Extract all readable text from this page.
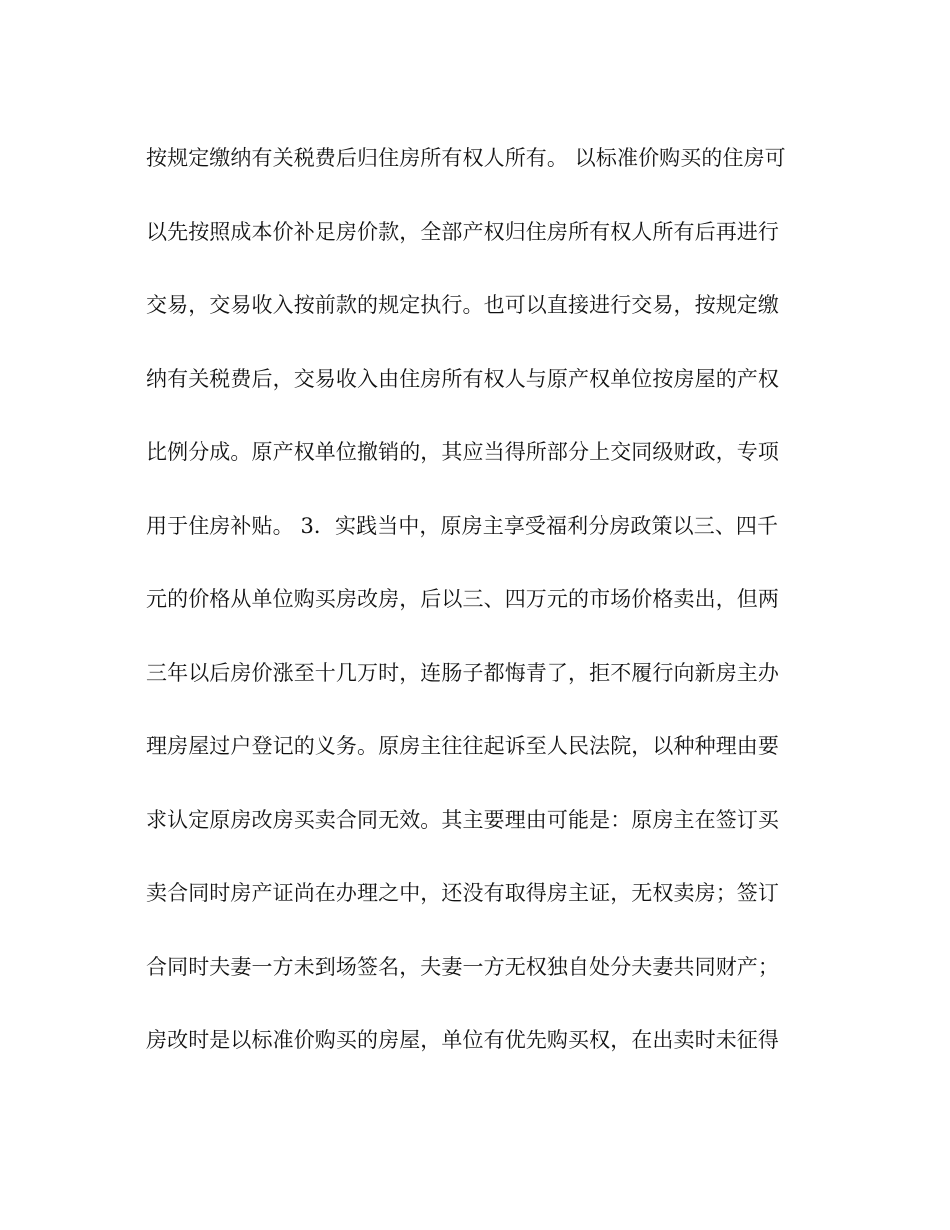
按规定缴纳有关税费后归住房所有权人所有。 以标准价购买的住房可
以先按照成本价补足房价款，全部产权归住房所有权人所有后再进行
交易，交易收入按前款的规定执行。也可以直接进行交易，按规定缴
纳有关税费后，交易收入由住房所有权人与原产权单位按房屋的产权
比例分成。原产权单位撤销的，其应当得所部分上交同级财政，专项
用于住房补贴。 3．实践当中，原房主享受福利分房政策以三、四千
元的价格从单位购买房改房，后以三、四万元的市场价格卖出，但两
三年以后房价涨至十几万时，连肠子都悔青了，拒不履行向新房主办
理房屋过户登记的义务。原房主往往起诉至人民法院，以种种理由要
求认定原房改房买卖合同无效。其主要理由可能是：原房主在签订买
卖合同时房产证尚在办理之中，还没有取得房主证，无权卖房；签订
合同时夫妻一方未到场签名，夫妻一方无权独自处分夫妻共同财产；
房改时是以标准价购买的房屋，单位有优先购买权，在出卖时未征得
